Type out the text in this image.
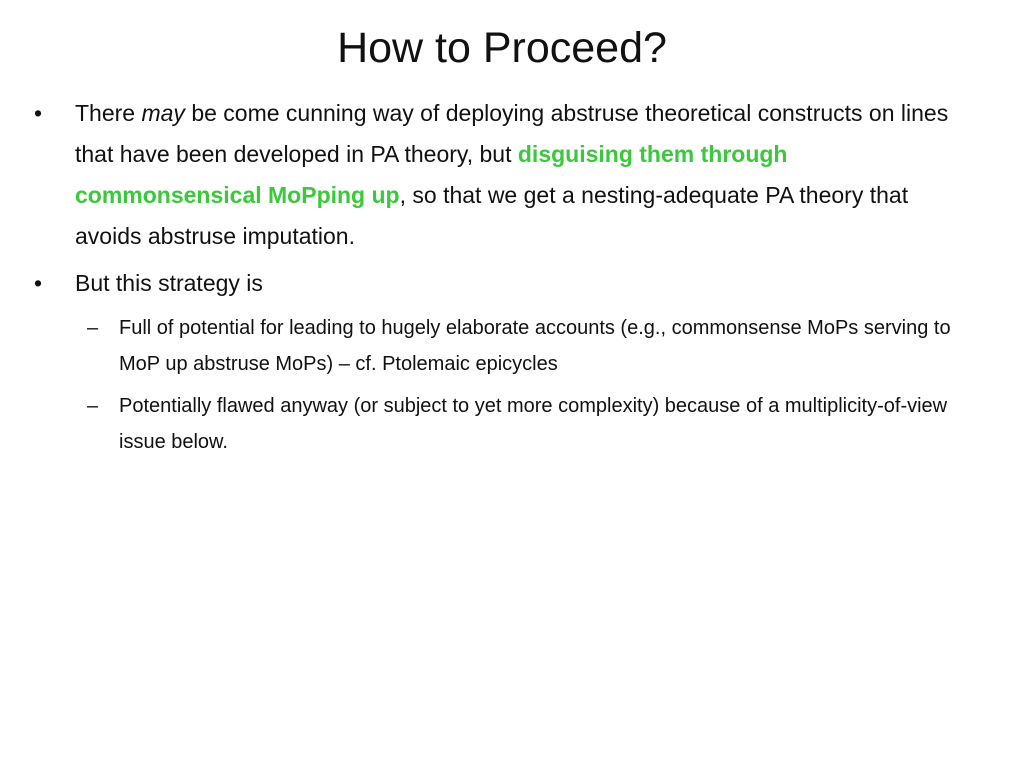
How to Proceed?
• There may be come cunning way of deploying abstruse theoretical constructs on lines that have been developed in PA theory, but disguising them through commonsensical MoPping up, so that we get a nesting-adequate PA theory that avoids abstruse imputation.
• But this strategy is
– Full of potential for leading to hugely elaborate accounts (e.g., commonsense MoPs serving to MoP up abstruse MoPs) – cf. Ptolemaic epicycles
– Potentially flawed anyway (or subject to yet more complexity) because of a multiplicity-of-view issue below.
